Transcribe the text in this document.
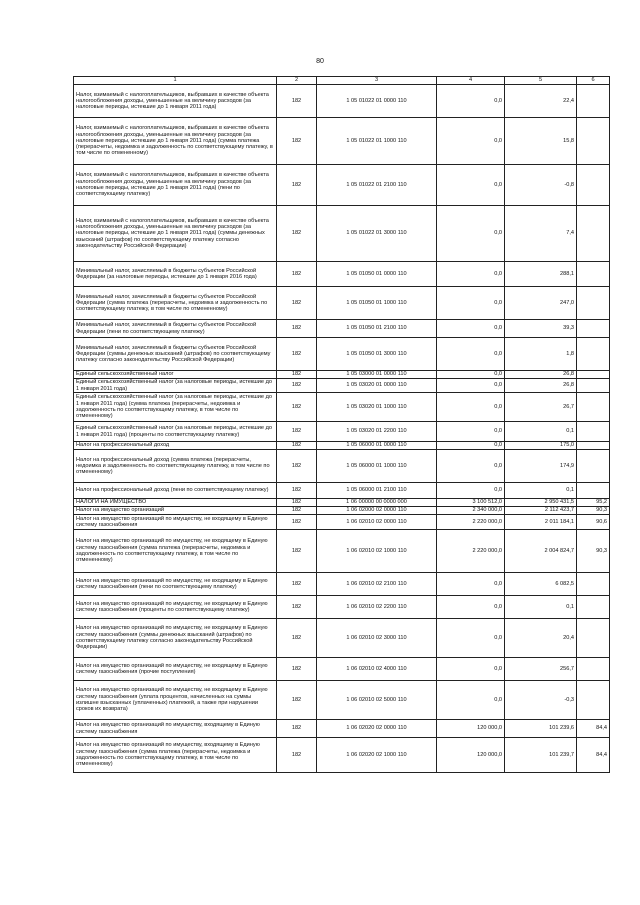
80
1	2	3	4	5	6
Налог, взимаемый с налогоплательщиков, выбравших в качестве объекта налогообложения доходы, уменьшенные на величину расходов (за налоговые периоды, истекшие до 1 января 2011 года)	182	1 05 01022 01 0000 110	0,0	22,4	
Налог, взимаемый с налогоплательщиков, выбравших в качестве объекта налогообложения доходы, уменьшенные на величину расходов (за налоговые периоды, истекшие до 1 января 2011 года) (сумма платежа (перерасчеты, недоимка и задолженность по соответствующему платежу, в том числе по отмененному)	182	1 05 01022 01 1000 110	0,0	15,8	
Налог, взимаемый с налогоплательщиков, выбравших в качестве объекта налогообложения доходы, уменьшенные на величину расходов (за налоговые периоды, истекшие до 1 января 2011 года) (пени по соответствующему платежу)	182	1 05 01022 01 2100 110	0,0	-0,8	
Налог, взимаемый с налогоплательщиков, выбравших в качестве объекта налогообложения доходы, уменьшенные на величину расходов (за налоговые периоды, истекшие до 1 января 2011 года) (суммы денежных взысканий (штрафов) по соответствующему платежу согласно законодательству Российской Федерации)	182	1 05 01022 01 3000 110	0,0	7,4	
Минимальный налог, зачисляемый в бюджеты субъектов Российской Федерации (за налоговые периоды, истекшие до 1 января 2016 года)	182	1 05 01050 01 0000 110	0,0	288,1	
Минимальный налог, зачисляемый в бюджеты субъектов Российской Федерации (сумма платежа (перерасчеты, недоимка и задолженность по соответствующему платежу, в том числе по отмененному)	182	1 05 01050 01 1000 110	0,0	247,0	
Минимальный налог, зачисляемый в бюджеты субъектов Российской Федерации (пени по соответствующему платежу)	182	1 05 01050 01 2100 110	0,0	39,3	
Минимальный налог, зачисляемый в бюджеты субъектов Российской Федерации (суммы денежных взысканий (штрафов) по соответствующему платежу согласно законодательству Российской Федерации)	182	1 05 01050 01 3000 110	0,0	1,8	
Единый сельскохозяйственный налог	182	1 05 03000 01 0000 110	0,0	26,8	
Единый сельскохозяйственный налог (за налоговые периоды, истекшие до 1 января 2011 года)	182	1 05 03020 01 0000 110	0,0	26,8	
Единый сельскохозяйственный налог (за налоговые периоды, истекшие до 1 января 2011 года) (сумма платежа (перерасчеты, недоимка и задолженность по соответствующему платежу, в том числе по отмененному)	182	1 05 03020 01 1000 110	0,0	26,7	
Единый сельскохозяйственный налог (за налоговые периоды, истекшие до 1 января 2011 года) (проценты по соответствующему платежу)	182	1 05 03020 01 2200 110	0,0	0,1	
Налог на профессиональный доход	182	1 05 06000 01 0000 110	0,0	175,0	
Налог на профессиональный доход (сумма платежа (перерасчеты, недоимка и задолженность по соответствующему платежу, в том числе по отмененному)	182	1 05 06000 01 1000 110	0,0	174,9	
Налог на профессиональный доход (пени по соответствующему платежу)	182	1 05 06000 01 2100 110	0,0	0,1	
НАЛОГИ НА ИМУЩЕСТВО	182	1 06 00000 00 0000 000	3 100 512,0	2 950 431,5	95,2
Налог на имущество организаций	182	1 06 02000 02 0000 110	2 340 000,0	2 112 423,7	90,3
Налог на имущество организаций по имуществу, не входящему в Единую систему газоснабжения	182	1 06 02010 02 0000 110	2 220 000,0	2 011 184,1	90,6
Налог на имущество организаций по имуществу, не входящему в Единую систему газоснабжения (сумма платежа (перерасчеты, недоимка и задолженность по соответствующему платежу, в том числе по отмененному)	182	1 06 02010 02 1000 110	2 220 000,0	2 004 824,7	90,3
Налог на имущество организаций по имуществу, не входящему в Единую систему газоснабжения (пени по соответствующему платежу)	182	1 06 02010 02 2100 110	0,0	6 082,5	
Налог на имущество организаций по имуществу, не входящему в Единую систему газоснабжения (проценты по соответствующему платежу)	182	1 06 02010 02 2200 110	0,0	0,1	
Налог на имущество организаций по имуществу, не входящему в Единую систему газоснабжения (суммы денежных взысканий (штрафов) по соответствующему платежу согласно законодательству Российской Федерации)	182	1 06 02010 02 3000 110	0,0	20,4	
Налог на имущество организаций по имуществу, не входящему в Единую систему газоснабжения (прочие поступления)	182	1 06 02010 02 4000 110	0,0	256,7	
Налог на имущество организаций по имуществу, не входящему в Единую систему газоснабжения (уплата процентов, начисленных на суммы излишне взысканных (уплаченных) платежей, а также при нарушении сроков их возврата)	182	1 06 02010 02 5000 110	0,0	-0,3	
Налог на имущество организаций по имуществу, входящему в Единую систему газоснабжения	182	1 06 02020 02 0000 110	120 000,0	101 239,6	84,4
Налог на имущество организаций по имуществу, входящему в Единую систему газоснабжения (сумма платежа (перерасчеты, недоимка и задолженность по соответствующему платежу, в том числе по отмененному)	182	1 06 02020 02 1000 110	120 000,0	101 239,7	84,4
